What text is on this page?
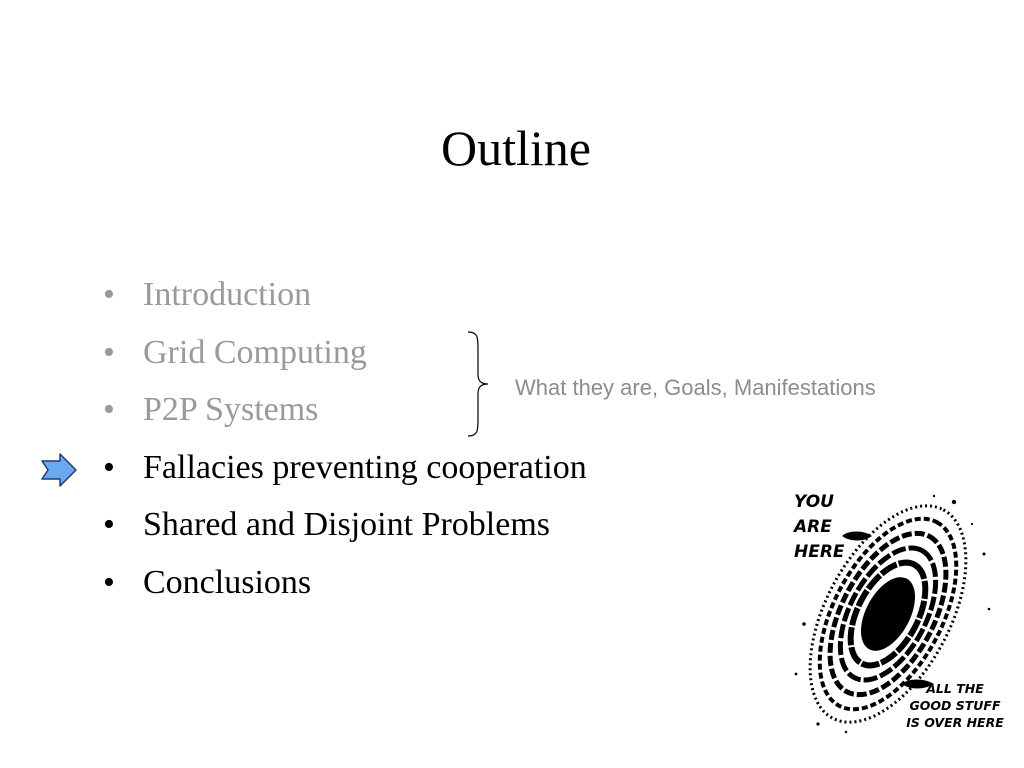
Outline
• Introduction
• Grid Computing
• P2P Systems
• Fallacies preventing cooperation
• Shared and Disjoint Problems
• Conclusions
What they are, Goals, Manifestations
YOU
ARE
HERE
ALL THE
GOOD STUFF
IS OVER HERE
